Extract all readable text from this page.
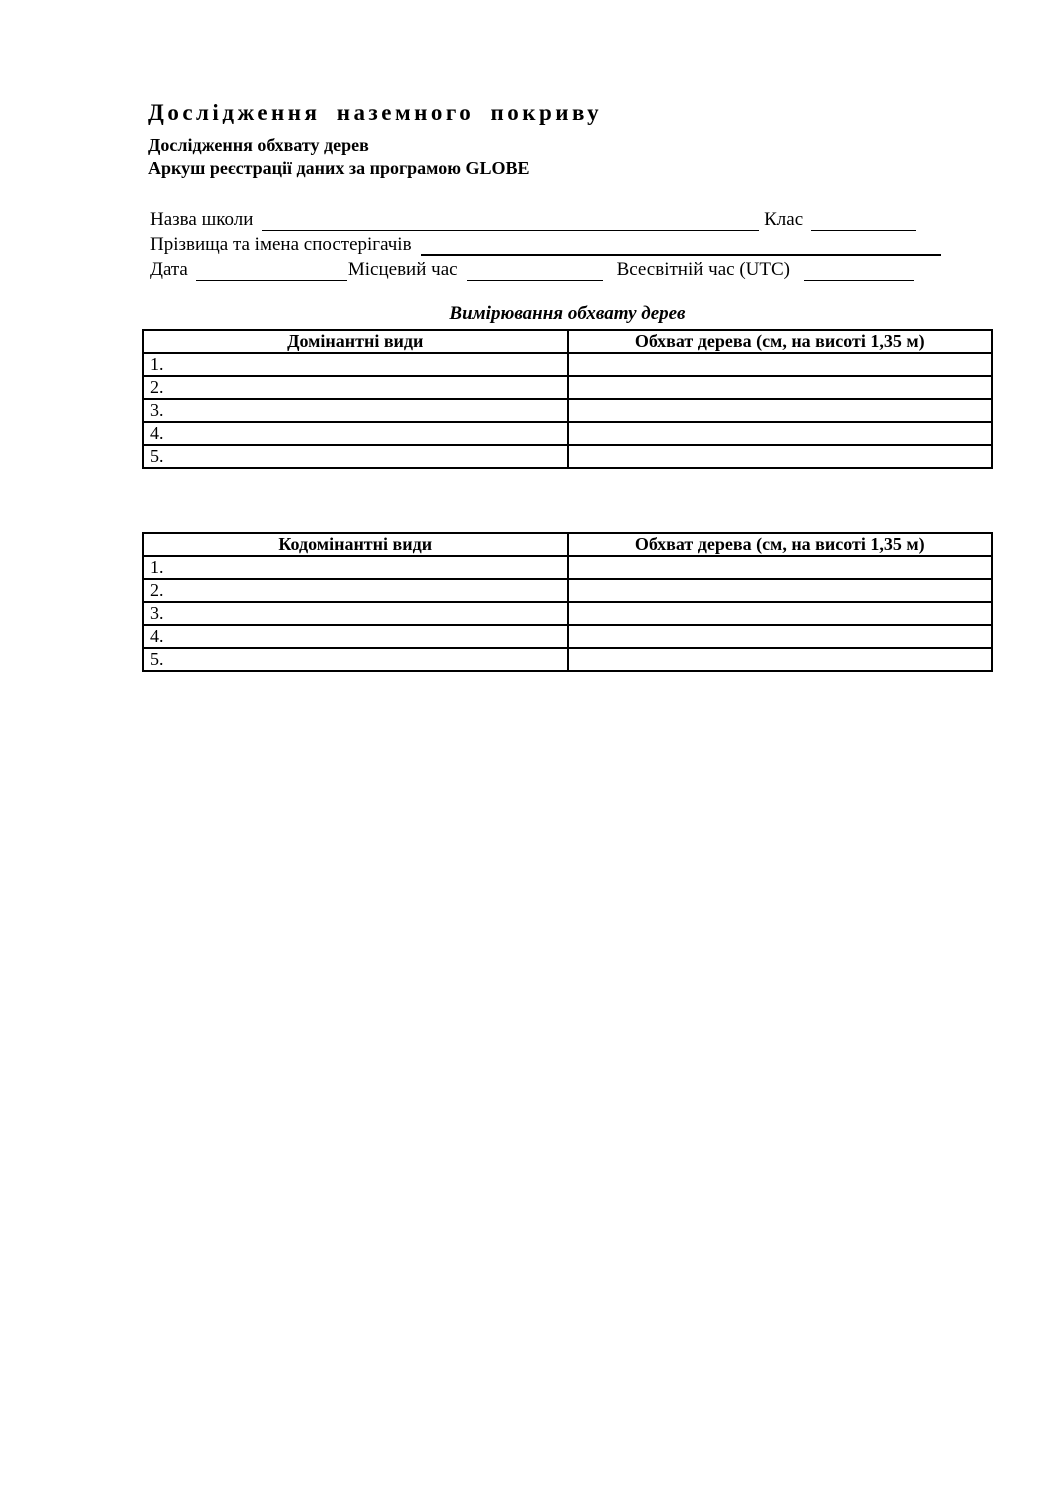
Дослідження наземного покриву
Дослідження обхвату дерев
Аркуш реєстрації даних за програмою GLOBE
Назва школи	Клас
Прізвища та імена спостерігачів
Дата	Місцевий час	Всесвітній час (UTC)
Вимірювання обхвату дерев
Домінантні види	Обхват дерева (см, на висоті 1,35 м)
1.	
2.	
3.	
4.	
5.	
Кодомінантні види	Обхват дерева (см, на висоті 1,35 м)
1.	
2.	
3.	
4.	
5.	
